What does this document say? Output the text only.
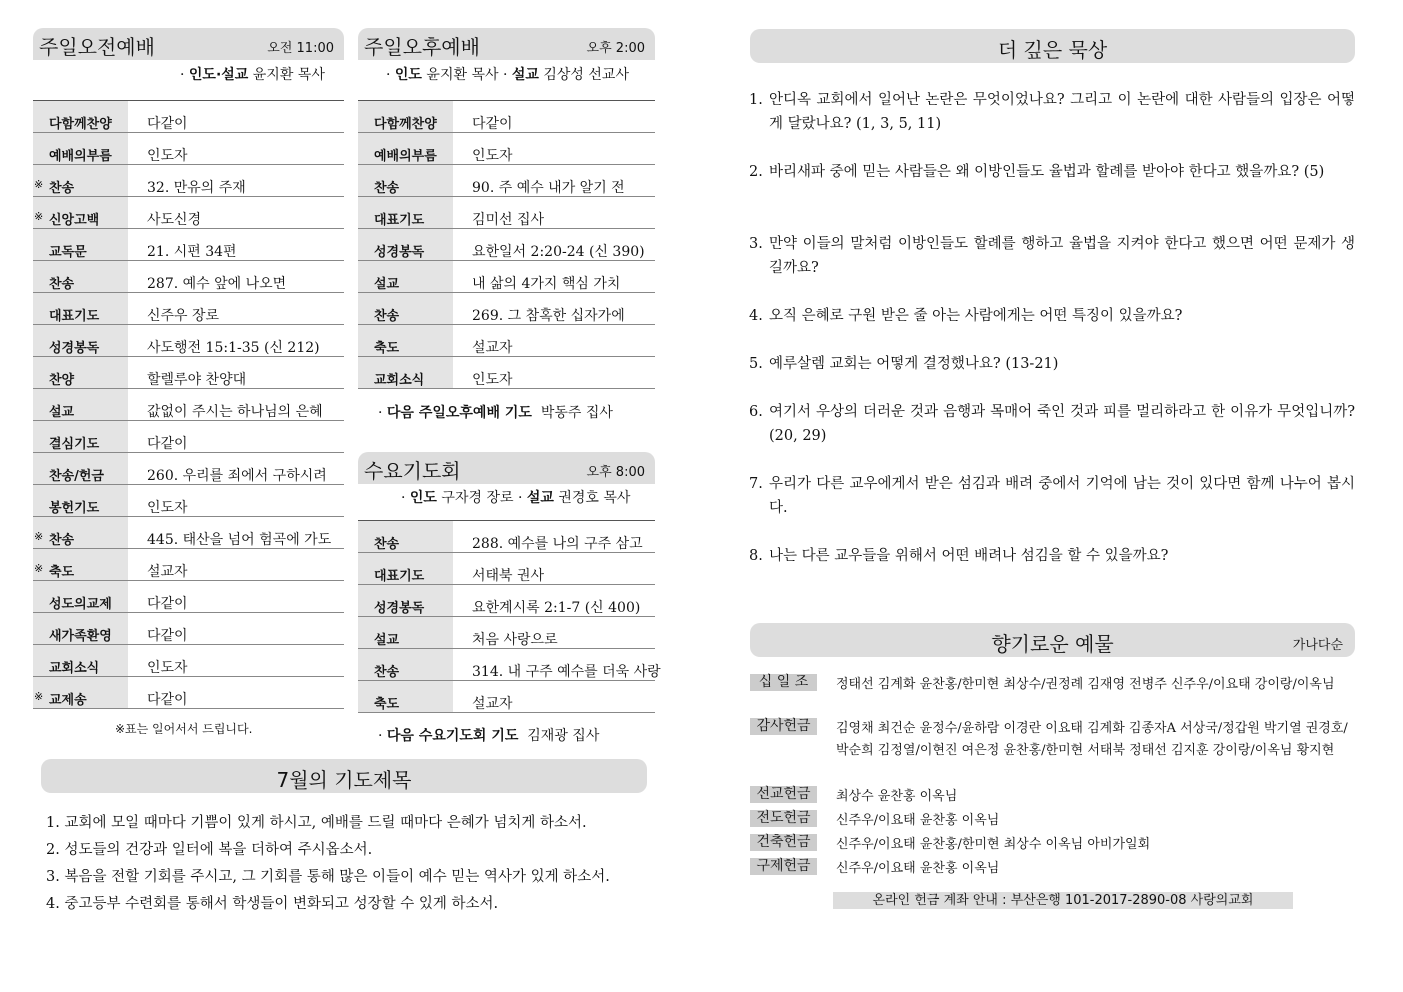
주일오전예배	오전 11:00
· 인도·설교 윤지환 목사
다함께찬양	다같이
예배의부름	인도자
※ 찬송	32. 만유의 주재
※ 신앙고백	사도신경
교독문	21. 시편 34편
찬송	287. 예수 앞에 나오면
대표기도	신주우 장로
성경봉독	사도행전 15:1-35 (신 212)
찬양	할렐루야 찬양대
설교	값없이 주시는 하나님의 은혜
결심기도	다같이
찬송/헌금	260. 우리를 죄에서 구하시려
봉헌기도	인도자
※ 찬송	445. 태산을 넘어 험곡에 가도
※ 축도	설교자
성도의교제	다같이
새가족환영	다같이
교회소식	인도자
※ 교제송	다같이
※표는 일어서서 드립니다.
주일오후예배	오후 2:00
· 인도 윤지환 목사 · 설교 김상성 선교사
다함께찬양	다같이
예배의부름	인도자
찬송	90. 주 예수 내가 알기 전
대표기도	김미선 집사
성경봉독	요한일서 2:20-24 (신 390)
설교	내 삶의 4가지 핵심 가치
찬송	269. 그 참혹한 십자가에
축도	설교자
교회소식	인도자
· 다음 주일오후예배 기도 박동주 집사
수요기도회	오후 8:00
· 인도 구자경 장로 · 설교 권경호 목사
찬송	288. 예수를 나의 구주 삼고
대표기도	서태북 권사
성경봉독	요한계시록 2:1-7 (신 400)
설교	처음 사랑으로
찬송	314. 내 구주 예수를 더욱 사랑
축도	설교자
· 다음 수요기도회 기도 김재광 집사
7월의 기도제목
1. 교회에 모일 때마다 기쁨이 있게 하시고, 예배를 드릴 때마다 은혜가 넘치게 하소서.
2. 성도들의 건강과 일터에 복을 더하여 주시옵소서.
3. 복음을 전할 기회를 주시고, 그 기회를 통해 많은 이들이 예수 믿는 역사가 있게 하소서.
4. 중고등부 수련회를 통해서 학생들이 변화되고 성장할 수 있게 하소서.
더 깊은 묵상
1. 안디옥 교회에서 일어난 논란은 무엇이었나요? 그리고 이 논란에 대한 사람들의 입장은 어떻게 달랐나요? (1, 3, 5, 11)
2. 바리새파 중에 믿는 사람들은 왜 이방인들도 율법과 할례를 받아야 한다고 했을까요? (5)
3. 만약 이들의 말처럼 이방인들도 할례를 행하고 율법을 지켜야 한다고 했으면 어떤 문제가 생길까요?
4. 오직 은혜로 구원 받은 줄 아는 사람에게는 어떤 특징이 있을까요?
5. 예루살렘 교회는 어떻게 결정했나요? (13-21)
6. 여기서 우상의 더러운 것과 음행과 목매어 죽인 것과 피를 멀리하라고 한 이유가 무엇입니까? (20, 29)
7. 우리가 다른 교우에게서 받은 섬김과 배려 중에서 기억에 남는 것이 있다면 함께 나누어 봅시다.
8. 나는 다른 교우들을 위해서 어떤 배려나 섬김을 할 수 있을까요?
향기로운 예물	가나다순
십 일 조	정태선 김계화 윤찬홍/한미현 최상수/권정례 김재영 전병주 신주우/이요태 강이랑/이옥님
감사헌금	김영채 최건순 윤정수/윤하람 이경란 이요태 김계화 김종자A 서상국/정갑원 박기열 권경호/박순희 김정열/이현진 여은정 윤찬홍/한미현 서태북 정태선 김지훈 강이랑/이옥님 황지현
선교헌금	최상수 윤찬홍 이옥님
전도헌금	신주우/이요태 윤찬홍 이옥님
건축헌금	신주우/이요태 윤찬홍/한미현 최상수 이옥님 아비가일회
구제헌금	신주우/이요태 윤찬홍 이옥님
온라인 헌금 계좌 안내 : 부산은행 101-2017-2890-08 사랑의교회
